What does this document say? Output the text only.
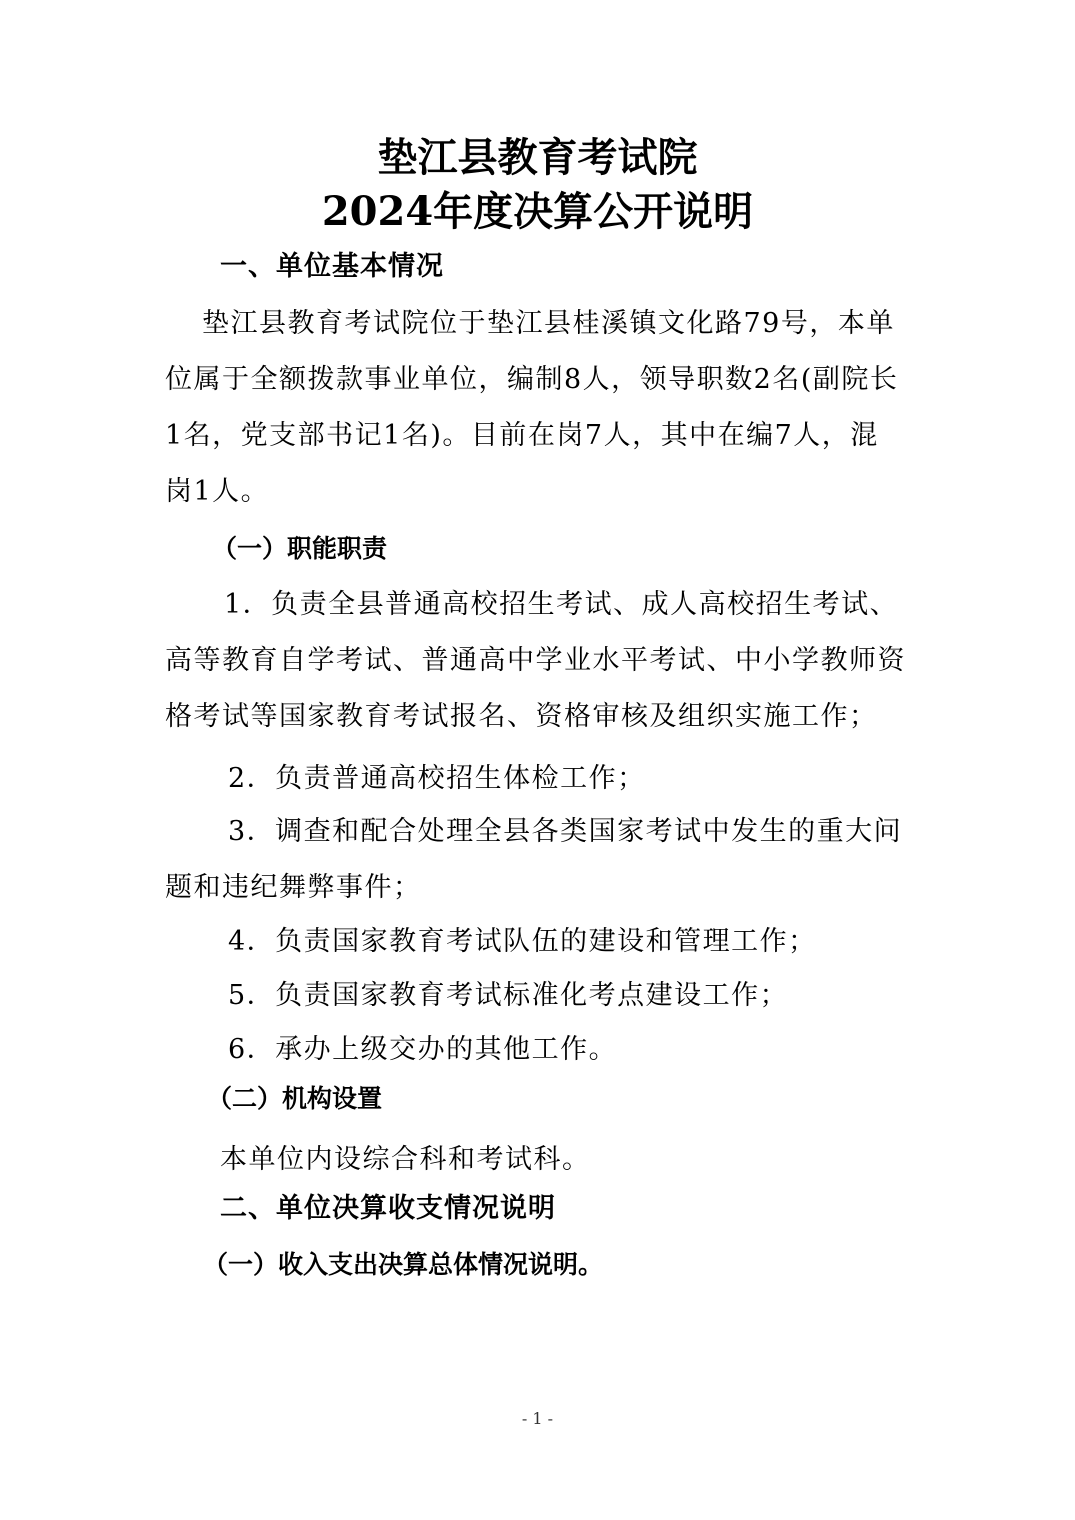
垫江县教育考试院
2024年度决算公开说明
一、单位基本情况
垫江县教育考试院位于垫江县桂溪镇文化路79号，本单
位属于全额拨款事业单位，编制8人，领导职数2名(副院长
1名，党支部书记1名)。目前在岗7人，其中在编7人，混
岗1人。
（一）职能职责
1．负责全县普通高校招生考试、成人高校招生考试、
高等教育自学考试、普通高中学业水平考试、中小学教师资
格考试等国家教育考试报名、资格审核及组织实施工作；
2．负责普通高校招生体检工作；
3．调查和配合处理全县各类国家考试中发生的重大问
题和违纪舞弊事件；
4．负责国家教育考试队伍的建设和管理工作；
5．负责国家教育考试标准化考点建设工作；
6．承办上级交办的其他工作。
（二）机构设置
本单位内设综合科和考试科。
二、单位决算收支情况说明
（一）收入支出决算总体情况说明。
- 1 -
